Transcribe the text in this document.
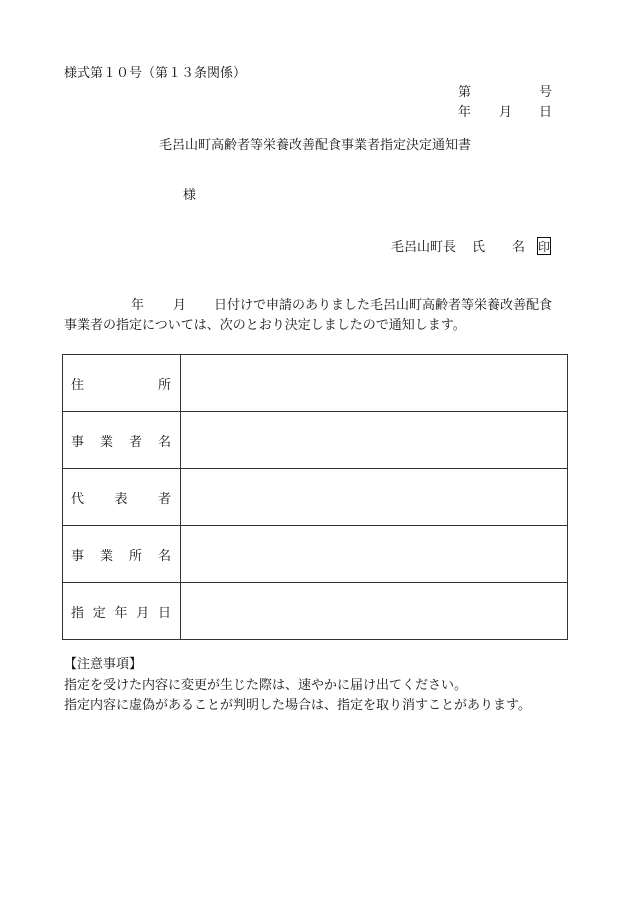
様式第１０号（第１３条関係）
第	号
年 月 日
毛呂山町高齢者等栄養改善配食事業者指定決定通知書
様
毛呂山町長 氏 名 印
年 月 日付けで申請のありました毛呂山町高齢者等栄養改善配食
事業者の指定については、次のとおり決定しましたので通知します。
住 所	

事 業 者 名	

代 表 者	

事 業 所 名	

指 定 年 月 日	

【注意事項】
指定を受けた内容に変更が生じた際は、速やかに届け出てください。
指定内容に虚偽があることが判明した場合は、指定を取り消すことがあります。
